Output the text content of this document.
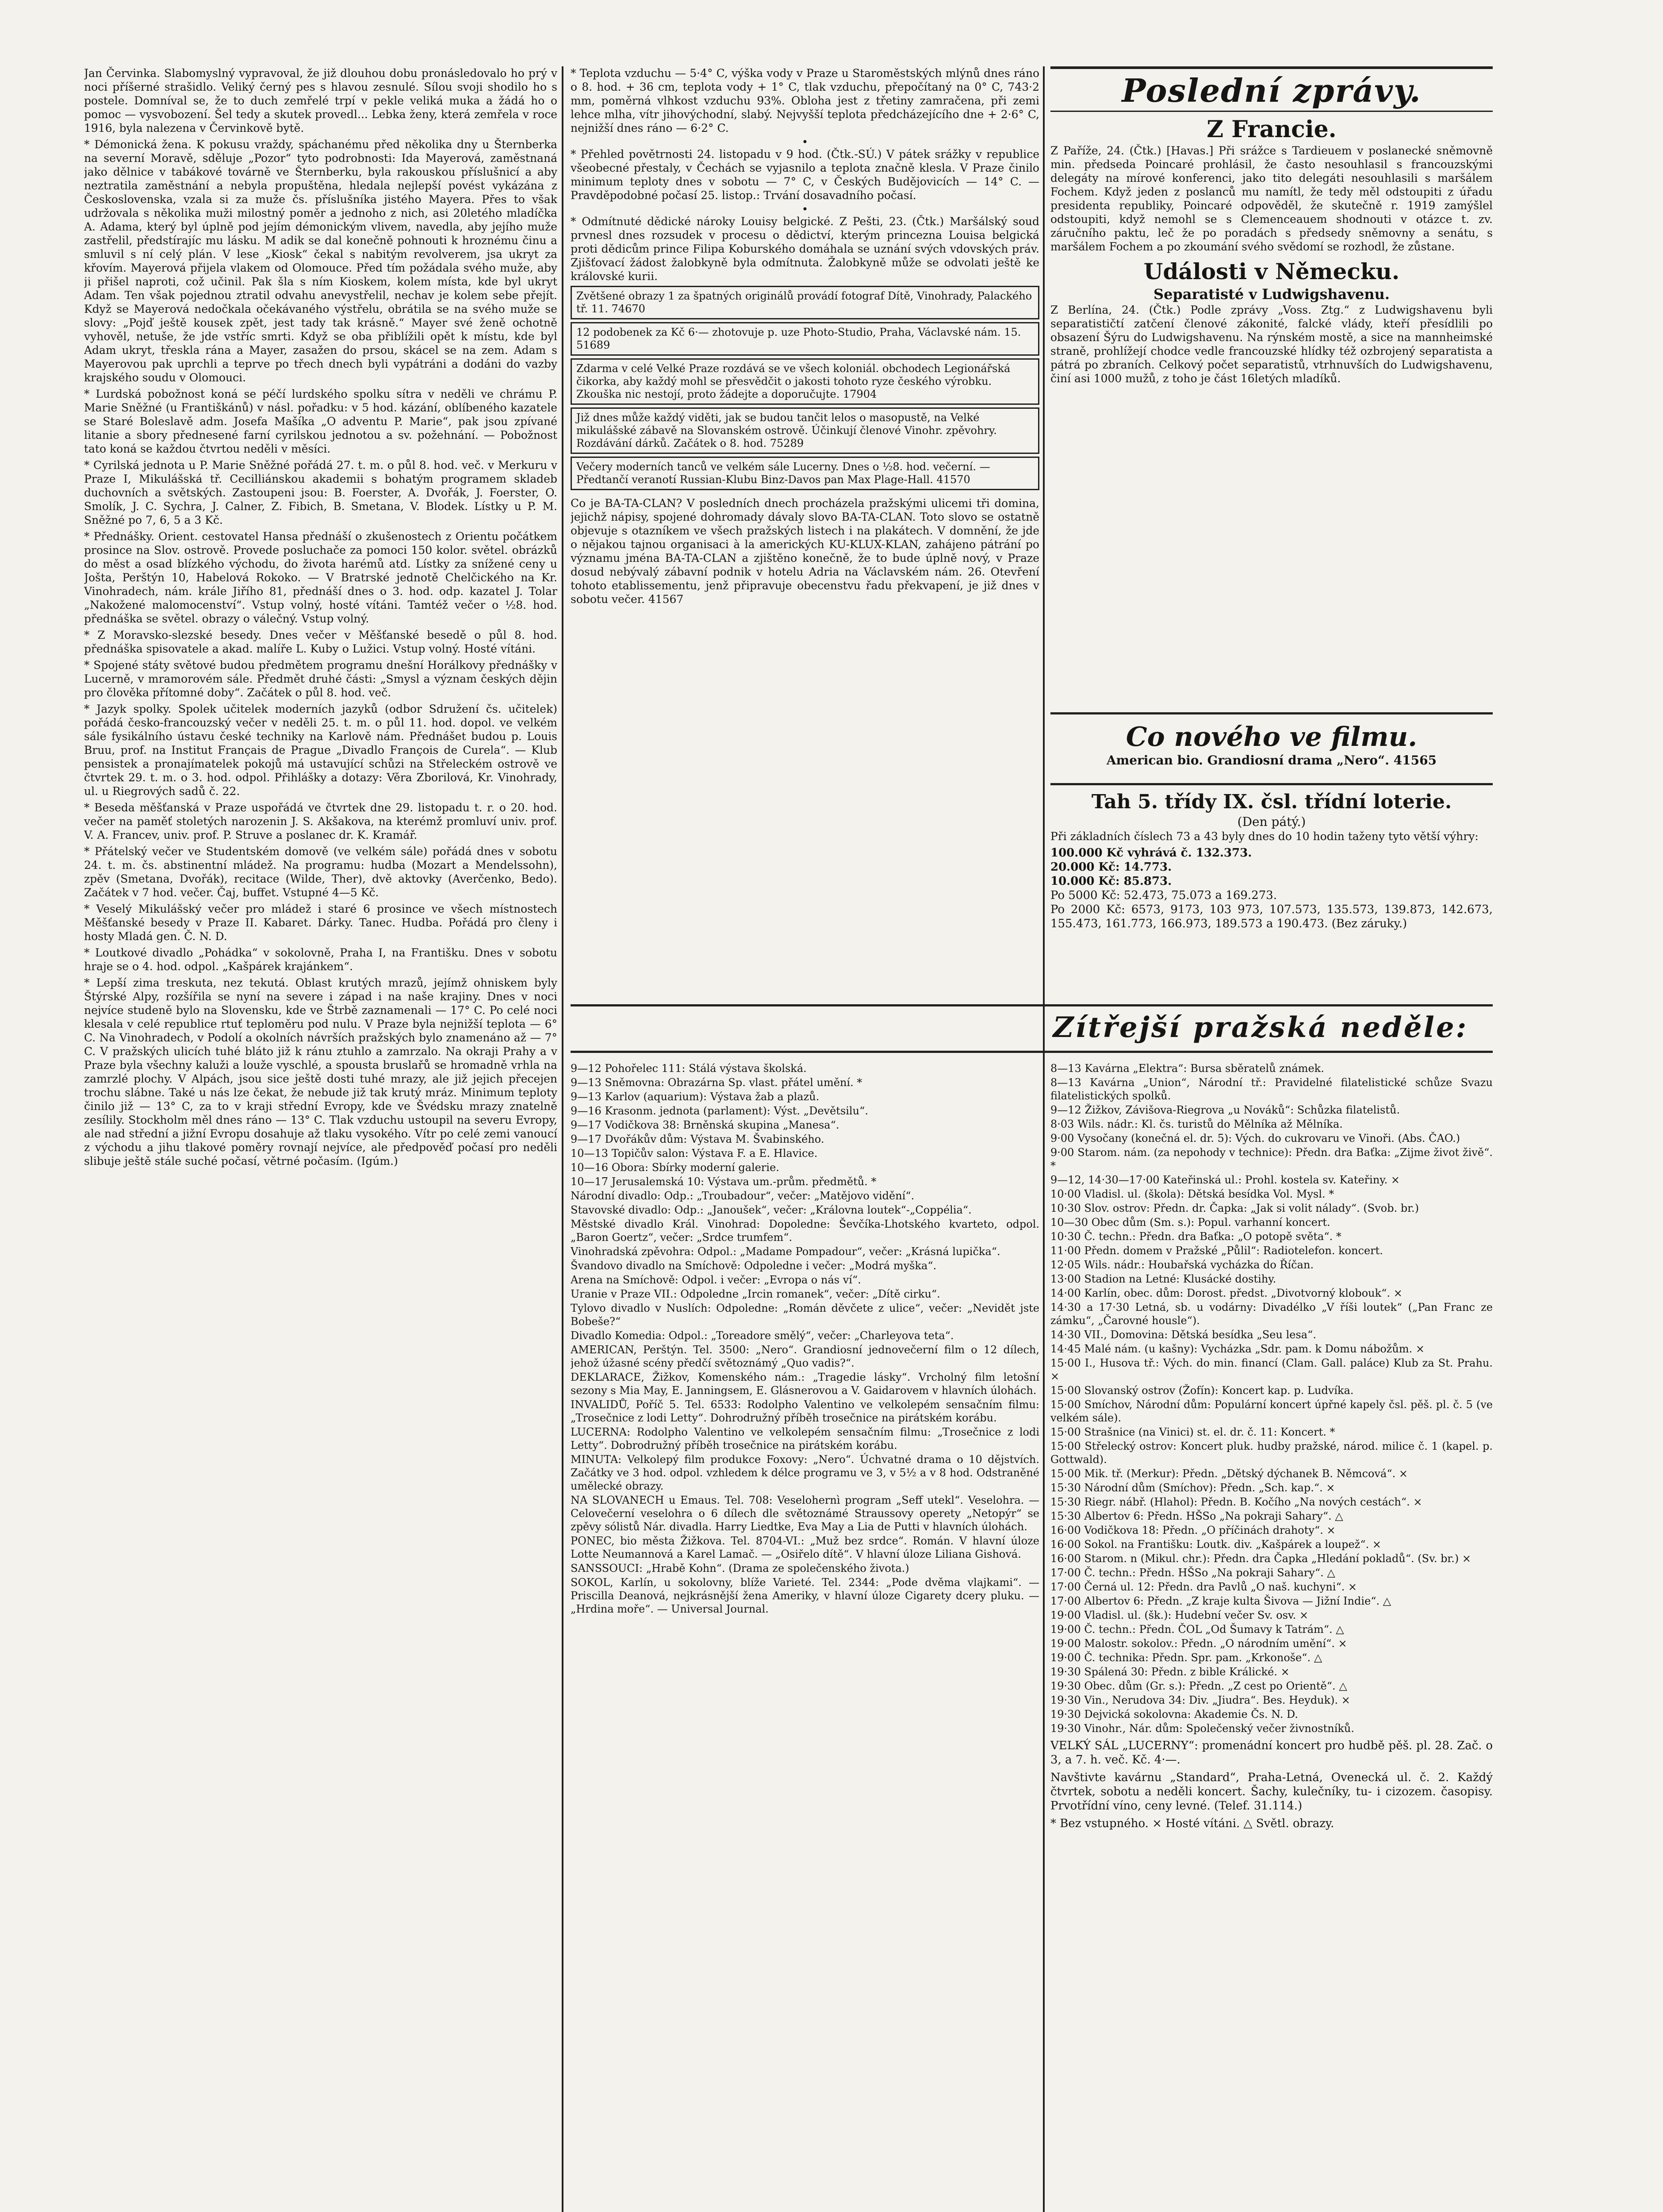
Jan Červinka. Slabomyslný vypravoval, že již dlouhou dobu pronásledovalo ho prý v noci příšerné strašidlo. Veliký černý pes s hlavou zesnulé. Sílou svoji shodilo ho s postele. Domníval se, že to duch zemřelé trpí v pekle veliká muka a žádá ho o pomoc — vysvobození. Šel tedy a skutek provedl... Lebka ženy, která zemřela v roce 1916, byla nalezena v Červinkově bytě.

* Démonická žena. K pokusu vraždy, spáchanému před několika dny u Šternberka na severní Moravě, sděluje „Pozor“ tyto podrobnosti: Ida Mayerová, zaměstnaná jako dělnice v tabákové továrně ve Šternberku, byla rakouskou příslušnicí a aby neztratila zaměstnání a nebyla propuštěna, hledala nejlepší povést vykázána z Československa, vzala si za muže čs. příslušníka jistého Mayera. Přes to však udržovala s několika muži milostný poměr a jednoho z nich, asi 20letého mladíčka A. Adama, který byl úplně pod jejím démonickým vlivem, navedla, aby jejího muže zastřelil, předstírajíc mu lásku. M adik se dal konečně pohnouti k hroznému činu a smluvil s ní celý plán. V lese „Kiosk“ čekal s nabitým revolverem, jsa ukryt za křovím. Mayerová přijela vlakem od Olomouce. Před tím požádala svého muže, aby ji přišel naproti, což učinil. Pak šla s ním Kioskem, kolem místa, kde byl ukryt Adam. Ten však pojednou ztratil odvahu anevystřelil, nechav je kolem sebe přejít. Když se Mayerová nedočkala očekávaného výstřelu, obrátila se na svého muže se slovy: „Pojď ještě kousek zpět, jest tady tak krásně.“ Mayer své ženě ochotně vyhověl, netuše, že jde vstříc smrti. Když se oba přiblížili opět k místu, kde byl Adam ukryt, třeskla rána a Mayer, zasažen do prsou, skácel se na zem. Adam s Mayerovou pak uprchli a teprve po třech dnech byli vypátráni a dodáni do vazby krajského soudu v Olomouci.

* Lurdská pobožnost koná se péčí lurdského spolku sítra v neděli ve chrámu P. Marie Sněžné (u Františkánů) v násl. pořadku: v 5 hod. kázání, oblíbeného kazatele se Staré Boleslavě adm. Josefa Mašíka „O adventu P. Marie“, pak jsou zpívané litanie a sbory přednesené farní cyrilskou jednotou a sv. požehnání. — Pobožnost tato koná se každou čtvrtou neděli v měsíci.

* Cyrilská jednota u P. Marie Sněžné pořádá 27. t. m. o půl 8. hod. več. v Merkuru v Praze I, Mikulášská tř. Cecilliánskou akademii s bohatým programem skladeb duchovních a světských. Zastoupeni jsou: B. Foerster, A. Dvořák, J. Foerster, O. Smolík, J. C. Sychra, J. Calner, Z. Fibich, B. Smetana, V. Blodek. Lístky u P. M. Sněžné po 7, 6, 5 a 3 Kč.

* Přednášky. Orient. cestovatel Hansa přednáší o zkušenostech z Orientu počátkem prosince na Slov. ostrově. Provede posluchače za pomoci 150 kolor. světel. obrázků do měst a osad blízkého východu, do života harémů atd. Lístky za snížené ceny u Jošta, Perštýn 10, Habelová Rokoko. — V Bratrské jednotě Chelčického na Kr. Vinohradech, nám. krále Jiřího 81, přednáší dnes o 3. hod. odp. kazatel J. Tolar „Nakožené malomocenství“. Vstup volný, hosté vítáni. Tamtéž večer o ½8. hod. přednáška se světel. obrazy o válečný. Vstup volný.

* Z Moravsko-slezské besedy. Dnes večer v Měšťanské besedě o půl 8. hod. přednáška spisovatele a akad. malíře L. Kuby o Lužici. Vstup volný. Hosté vítáni.

* Spojené státy světové budou předmětem programu dnešní Horálkovy přednášky v Lucerně, v mramorovém sále. Předmět druhé části: „Smysl a význam českých dějin pro člověka přítomné doby“. Začátek o půl 8. hod. več.

* Jazyk spolky. Spolek učitelek moderních jazyků (odbor Sdružení čs. učitelek) pořádá česko-francouzský večer v neděli 25. t. m. o půl 11. hod. dopol. ve velkém sále fysikálního ústavu české techniky na Karlově nám. Přednášet budou p. Louis Bruu, prof. na Institut Français de Prague „Divadlo François de Curela“. — Klub pensistek a pronajímatelek pokojů má ustavující schůzi na Střeleckém ostrově ve čtvrtek 29. t. m. o 3. hod. odpol. Přihlášky a dotazy: Věra Zborilová, Kr. Vinohrady, ul. u Riegrových sadů č. 22.

* Beseda měšťanská v Praze uspořádá ve čtvrtek dne 29. listopadu t. r. o 20. hod. večer na paměť stoletých narozenin J. S. Akšakova, na kterémž promluví univ. prof. V. A. Francev, univ. prof. P. Struve a poslanec dr. K. Kramář.

* Přátelský večer ve Studentském domově (ve velkém sále) pořádá dnes v sobotu 24. t. m. čs. abstinentní mládež. Na programu: hudba (Mozart a Mendelssohn), zpěv (Smetana, Dvořák), recitace (Wilde, Ther), dvě aktovky (Averčenko, Bedo). Začátek v 7 hod. večer. Čaj, buffet. Vstupné 4—5 Kč.

* Veselý Mikulášský večer pro mládež i staré 6 prosince ve všech místnostech Měšťanské besedy v Praze II. Kabaret. Dárky. Tanec. Hudba. Pořádá pro členy i hosty Mladá gen. Č. N. D.

* Loutkové divadlo „Pohádka“ v sokolovně, Praha I, na Františku. Dnes v sobotu hraje se o 4. hod. odpol. „Kašpárek krajánkem“.

* Lepší zima treskuta, nez tekutá. Oblast krutých mrazů, jejímž ohniskem byly Štýrské Alpy, rozšířila se nyní na severe i západ i na naše krajiny. Dnes v noci nejvíce studeně bylo na Slovensku, kde ve Štrbě zaznamenali — 17° C. Po celé noci klesala v celé republice rtuť teploměru pod nulu. V Praze byla nejnižší teplota — 6° C. Na Vinohradech, v Podolí a okolních návrších pražských bylo znamenáno až — 7° C. V pražských ulicích tuhé bláto již k ránu ztuhlo a zamrzalo. Na okraji Prahy a v Praze byla všechny kaluži a louže vyschlé, a spousta bruslařů se hromadně vrhla na zamrzlé plochy. V Alpách, jsou sice ještě dosti tuhé mrazy, ale již jejich přecejen trochu slábne. Také u nás lze čekat, že nebude již tak krutý mráz. Minimum teploty činilo již — 13° C, za to v kraji střední Evropy, kde ve Švédsku mrazy znatelně zesílily. Stockholm měl dnes ráno — 13° C. Tlak vzduchu ustoupil na severu Evropy, ale nad střední a jižní Evropu dosahuje až tlaku vysokého. Vítr po celé zemi vanoucí z východu a jihu tlakové poměry rovnají nejvíce, ale předpověď počasí pro neděli slibuje ještě stále suché počasí, větrné počasím. (Igúm.)

* Teplota vzduchu — 5·4° C, výška vody v Praze u Staroměstských mlýnů dnes ráno o 8. hod. + 36 cm, teplota vody + 1° C, tlak vzduchu, přepočítaný na 0° C, 743·2 mm, poměrná vlhkost vzduchu 93%. Obloha jest z třetiny zamračena, při zemi lehce mlha, vítr jihovýchodní, slabý. Nejvyšší teplota předcházejícího dne + 2·6° C, nejnižší dnes ráno — 6·2° C.

•

* Přehled povětrnosti 24. listopadu v 9 hod. (Čtk.-SÚ.) V pátek srážky v republice všeobecné přestaly, v Čechách se vyjasnilo a teplota značně klesla. V Praze činilo minimum teploty dnes v sobotu — 7° C, v Českých Budějovicích — 14° C. — Pravděpodobné počasí 25. listop.: Trvání dosavadního počasí.

•

* Odmítnuté dědické nároky Louisy belgické. Z Pešti, 23. (Čtk.) Maršálský soud prvnesl dnes rozsudek v procesu o dědictví, kterým princezna Louisa belgická proti dědicům prince Filipa Koburského domáhala se uznání svých vdovských práv. Zjišťovací žádost žalobkyně byla odmítnuta. Žalobkyně může se odvolati ještě ke královské kurii.

Zvětšené obrazy 1 za špatných originálů provádí fotograf Dítě, Vinohrady, Palackého tř. 11. 74670
12 podobenek za Kč 6·— zhotovuje p. uze Photo-Studio, Praha, Václavské nám. 15. 51689
Zdarma v celé Velké Praze rozdává se ve všech koloniál. obchodech Legionářská čikorka, aby každý mohl se přesvědčit o jakosti tohoto ryze českého výrobku. Zkouška nic nestojí, proto žádejte a doporučujte. 17904
Již dnes může každý viděti, jak se budou tančit lelos o masopustě, na Velké mikulášské zábavě na Slovanském ostrově. Účinkují členové Vinohr. zpěvohry. Rozdávání dárků. Začátek o 8. hod. 75289
Večery moderních tanců ve velkém sále Lucerny. Dnes o ½8. hod. večerní. — Předtančí veranotí Russian-Klubu Binz-Davos pan Max Plage-Hall. 41570

Co je BA-TA-CLAN? V posledních dnech procházela pražskými ulicemi tři domina, jejichž nápisy, spojené dohromady dávaly slovo BA-TA-CLAN. Toto slovo se ostatně objevuje s otazníkem ve všech pražských listech i na plakátech. V domnění, že jde o nějakou tajnou organisaci à la amerických KU-KLUX-KLAN, zahájeno pátrání po významu jména BA-TA-CLAN a zjištěno konečně, že to bude úplně nový, v Praze dosud nebývalý zábavní podnik v hotelu Adria na Václavském nám. 26. Otevření tohoto etablissementu, jenž připravuje obecenstvu řadu překvapení, je již dnes v sobotu večer. 41567

Poslední zprávy.
Z Francie.

Z Paříže, 24. (Čtk.) [Havas.] Při srážce s Tardieuem v poslanecké sněmovně min. předseda Poincaré prohlásil, že často nesouhlasil s francouzskými delegáty na mírové konferenci, jako tito delegáti nesouhlasili s maršálem Fochem. Když jeden z poslanců mu namítl, že tedy měl odstoupiti z úřadu presidenta republiky, Poincaré odpověděl, že skutečně r. 1919 zamýšlel odstoupiti, když nemohl se s Clemenceauem shodnouti v otázce t. zv. záručního paktu, leč že po poradách s předsedy sněmovny a senátu, s maršálem Fochem a po zkoumání svého svědomí se rozhodl, že zůstane.

Události v Německu.
Separatisté v Ludwigshavenu.

Z Berlína, 24. (Čtk.) Podle zprávy „Voss. Ztg.“ z Ludwigshavenu byli separatističtí zatčení členové zákonité, falcké vlády, kteří přesídlili po obsazení Šýru do Ludwigshavenu. Na rýnském mostě, a sice na mannheimské straně, prohlížejí chodce vedle francouzské hlídky též ozbrojený separatista a pátrá po zbraních. Celkový počet separatistů, vtrhnuvších do Ludwigshavenu, činí asi 1000 mužů, z toho je část 16letých mladíků.

Co nového ve filmu.

American bio. Grandiosní drama „Nero“. 41565

Tah 5. třídy IX. čsl. třídní loterie.
(Den pátý.)

Při základních číslech 73 a 43 byly dnes do 10 hodin taženy tyto větší výhry:

100.000 Kč vyhrává č. 132.373.

20.000 Kč: 14.773.

10.000 Kč: 85.873.

Po 5000 Kč: 52.473, 75.073 a 169.273.

Po 2000 Kč: 6573, 9173, 103 973, 107.573, 135.573, 139.873, 142.673, 155.473, 161.773, 166.973, 189.573 a 190.473. (Bez záruky.)

Zítřejší pražská neděle:

9—12 Pohořelec 111: Stálá výstava školská.

9—13 Sněmovna: Obrazárna Sp. vlast. přátel umění. *

9—13 Karlov (aquarium): Výstava žab a plazů.

9—16 Krasonm. jednota (parlament): Výst. „Devětsilu“.

9—17 Vodičkova 38: Brněnská skupina „Manesa“.

9—17 Dvořákův dům: Výstava M. Švabinského.

10—13 Topičův salon: Výstava F. a E. Hlavice.

10—16 Obora: Sbírky moderní galerie.

10—17 Jerusalemská 10: Výstava um.-prům. předmětů. *

Národní divadlo: Odp.: „Troubadour“, večer: „Matějovo vidění“.

Stavovské divadlo: Odp.: „Janoušek“, večer: „Královna loutek“-„Coppélia“.

Městské divadlo Král. Vinohrad: Dopoledne: Ševčíka-Lhotského kvarteto, odpol. „Baron Goertz“, večer: „Srdce trumfem“.

Vinohradská zpěvohra: Odpol.: „Madame Pompadour“, večer: „Krásná lupička“.

Švandovo divadlo na Smíchově: Odpoledne i večer: „Modrá myška“.

Arena na Smíchově: Odpol. i večer: „Evropa o nás ví“.

Uranie v Praze VII.: Odpoledne „Ircin romanek“, večer: „Dítě cirku“.

Tylovo divadlo v Nuslích: Odpoledne: „Román děvčete z ulice“, večer: „Nevidět jste Bobeše?“

Divadlo Komedia: Odpol.: „Toreadore smělý“, večer: „Charleyova teta“.

AMERICAN, Perštýn. Tel. 3500: „Nero“. Grandiosní jednovečerní film o 12 dílech, jehož úžasné scény předčí světoznámý „Quo vadis?“.

DEKLARACE, Žižkov, Komenského nám.: „Tragedie lásky“. Vrcholný film letošní sezony s Mia May, E. Janningsem, E. Glásnerovou a V. Gaidarovem v hlavních úlohách.

INVALIDŮ, Poříč 5. Tel. 6533: Rodolpho Valentino ve velkolepém sensačním filmu: „Trosečnice z lodi Letty“. Dohrodružný příběh trosečnice na pirátském korábu.

LUCERNA: Rodolpho Valentino ve velkolepém sensačním filmu: „Trosečnice z lodi Letty“. Dobrodružný příběh trosečnice na pirátském korábu.

MINUTA: Velkolepý film produkce Foxovy: „Nero“. Úchvatné drama o 10 dějstvích. Začátky ve 3 hod. odpol. vzhledem k délce programu ve 3, v 5½ a v 8 hod. Odstraněné umělecké obrazy.

NA SLOVANECH u Emaus. Tel. 708: Veselohernì program „Seff utekl“. Veselohra. — Celovečerní veselohra o 6 dílech dle světoznámé Straussovy operety „Netopýr“ se zpěvy sólistů Nár. divadla. Harry Liedtke, Eva May a Lia de Putti v hlavních úlohách.

PONEC, bio města Žižkova. Tel. 8704-VI.: „Muž bez srdce“. Román. V hlavní úloze Lotte Neumannová a Karel Lamač. — „Osiřelo dítě“. V hlavní úloze Liliana Gishová.

SANSSOUCI: „Hrabě Kohn“. (Drama ze společenského života.)

SOKOL, Karlín, u sokolovny, blíže Varieté. Tel. 2344: „Pode dvěma vlajkami“. — Priscilla Deanová, nejkrásnější žena Ameriky, v hlavní úloze Cigarety dcery pluku. — „Hrdina moře“. — Universal Journal.

8—13 Kavárna „Elektra“: Bursa sběratelů známek.

8—13 Kavárna „Union“, Národní tř.: Pravidelné filatelistické schůze Svazu filatelistických spolků.

9—12 Žižkov, Závišova-Riegrova „u Nováků“: Schůzka filatelistů.

8·03 Wils. nádr.: Kl. čs. turistů do Mělníka až Mělníka.

9·00 Vysočany (konečná el. dr. 5): Vých. do cukrovaru ve Vinoři. (Abs. ČAO.)

9·00 Starom. nám. (za nepohody v technice): Předn. dra Baťka: „Zijme život živě“. *

9—12, 14·30—17·00 Kateřinská ul.: Prohl. kostela sv. Kateřiny. ×

10·00 Vladisl. ul. (škola): Dětská besídka Vol. Mysl. *

10·30 Slov. ostrov: Předn. dr. Čapka: „Jak si volit nálady“. (Svob. br.)

10—30 Obec dům (Sm. s.): Popul. varhanní koncert.

10·30 Č. techn.: Předn. dra Baťka: „O potopě světa“. *

11·00 Předn. domem v Pražské „Půlil“: Radiotelefon. koncert.

12·05 Wils. nádr.: Houbařská vycházka do Říčan.

13·00 Stadion na Letné: Klusácké dostihy.

14·00 Karlín, obec. dům: Dorost. předst. „Divotvorný klobouk“. ×

14·30 a 17·30 Letná, sb. u vodárny: Divadélko „V říši loutek“ („Pan Franc ze zámku“, „Čarovné housle“).

14·30 VII., Domovina: Dětská besídka „Seu lesa“.

14·45 Malé nám. (u kašny): Vycházka „Sdr. pam. k Domu nábožům. ×

15·00 I., Husova tř.: Vých. do min. financí (Clam. Gall. paláce) Klub za St. Prahu. ×

15·00 Slovanský ostrov (Žofín): Koncert kap. p. Ludvíka.

15·00 Smíchov, Národní dům: Populární koncert úpřné kapely čsl. pěš. pl. č. 5 (ve velkém sále).

15·00 Strašnice (na Vinici) st. el. dr. č. 11: Koncert. *

15·00 Střelecký ostrov: Koncert pluk. hudby pražské, národ. milice č. 1 (kapel. p. Gottwald).

15·00 Mik. tř. (Merkur): Předn. „Dětský dýchanek B. Němcová“. ×

15·30 Národní dům (Smíchov): Předn. „Sch. kap.“. ×

15·30 Riegr. nábř. (Hlahol): Předn. B. Kočího „Na nových cestách“. ×

15·30 Albertov 6: Předn. HŠSo „Na pokraji Sahary“. △

16·00 Vodičkova 18: Předn. „O příčinách drahoty“. ×

16·00 Sokol. na Františku: Loutk. div. „Kašpárek a loupež“. ×

16·00 Starom. n (Mikul. chr.): Předn. dra Čapka „Hledání pokladů“. (Sv. br.) ×

17·00 Č. techn.: Předn. HŠSo „Na pokraji Sahary“. △

17·00 Černá ul. 12: Předn. dra Pavlů „O naš. kuchyni“. ×

17·00 Albertov 6: Předn. „Z kraje kulta Šivova — Jižní Indie“. △

19·00 Vladisl. ul. (šk.): Hudební večer Sv. osv. ×

19·00 Č. techn.: Předn. ČOL „Od Šumavy k Tatrám“. △

19·00 Malostr. sokolov.: Předn. „O národním umění“. ×

19·00 Č. technika: Předn. Spr. pam. „Krkonoše“. △

19·30 Spálená 30: Předn. z bible Králické. ×

19·30 Obec. dům (Gr. s.): Předn. „Z cest po Orientě“. △

19·30 Vin., Nerudova 34: Div. „Jiudra“. Bes. Heyduk). ×

19·30 Dejvická sokolovna: Akademie Čs. N. D.

19·30 Vinohr., Nár. dům: Společenský večer živnostníků.

VELKÝ SÁL „LUCERNY“: promenádní koncert pro hudbě pěš. pl. 28. Zač. o 3, a 7. h. več. Kč. 4·—.

Navštivte kavárnu „Standard“, Praha-Letná, Ovenecká ul. č. 2. Každý čtvrtek, sobotu a neděli koncert. Šachy, kulečníky, tu- i cizozem. časopisy. Prvotřídní víno, ceny levné. (Telef. 31.114.)

* Bez vstupného. × Hosté vítáni. △ Světl. obrazy.
